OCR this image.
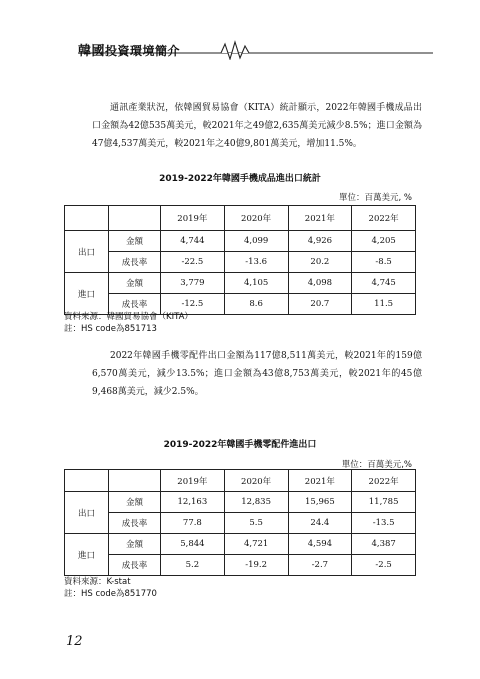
韓國投資環境簡介

通訊產業狀況，依韓國貿易協會（KITA）統計顯示，2022年韓國手機成品出口金額為42億535萬美元，較2021年之49億2,635萬美元減少8.5%；進口金額為47億4,537萬美元，較2021年之40億9,801萬美元，增加11.5%。

2019-2022年韓國手機成品進出口統計
單位：百萬美元, %
		2019年	2020年	2021年	2022年
出口	金額	4,744	4,099	4,926	4,205
	成長率	-22.5	-13.6	20.2	-8.5
進口	金額	3,779	4,105	4,098	4,745
	成長率	-12.5	8.6	20.7	11.5
資料來源：韓國貿易協會（KITA）
註：HS code為851713

2022年韓國手機零配件出口金額為117億8,511萬美元，較2021年的159億6,570萬美元，減少13.5%；進口金額為43億8,753萬美元，較2021年的45億9,468萬美元，減少2.5%。

2019-2022年韓國手機零配件進出口
單位：百萬美元,%
		2019年	2020年	2021年	2022年
出口	金額	12,163	12,835	15,965	11,785
	成長率	77.8	5.5	24.4	-13.5
進口	金額	5,844	4,721	4,594	4,387
	成長率	5.2	-19.2	-2.7	-2.5
資料來源：K-stat
註：HS code為851770
12
